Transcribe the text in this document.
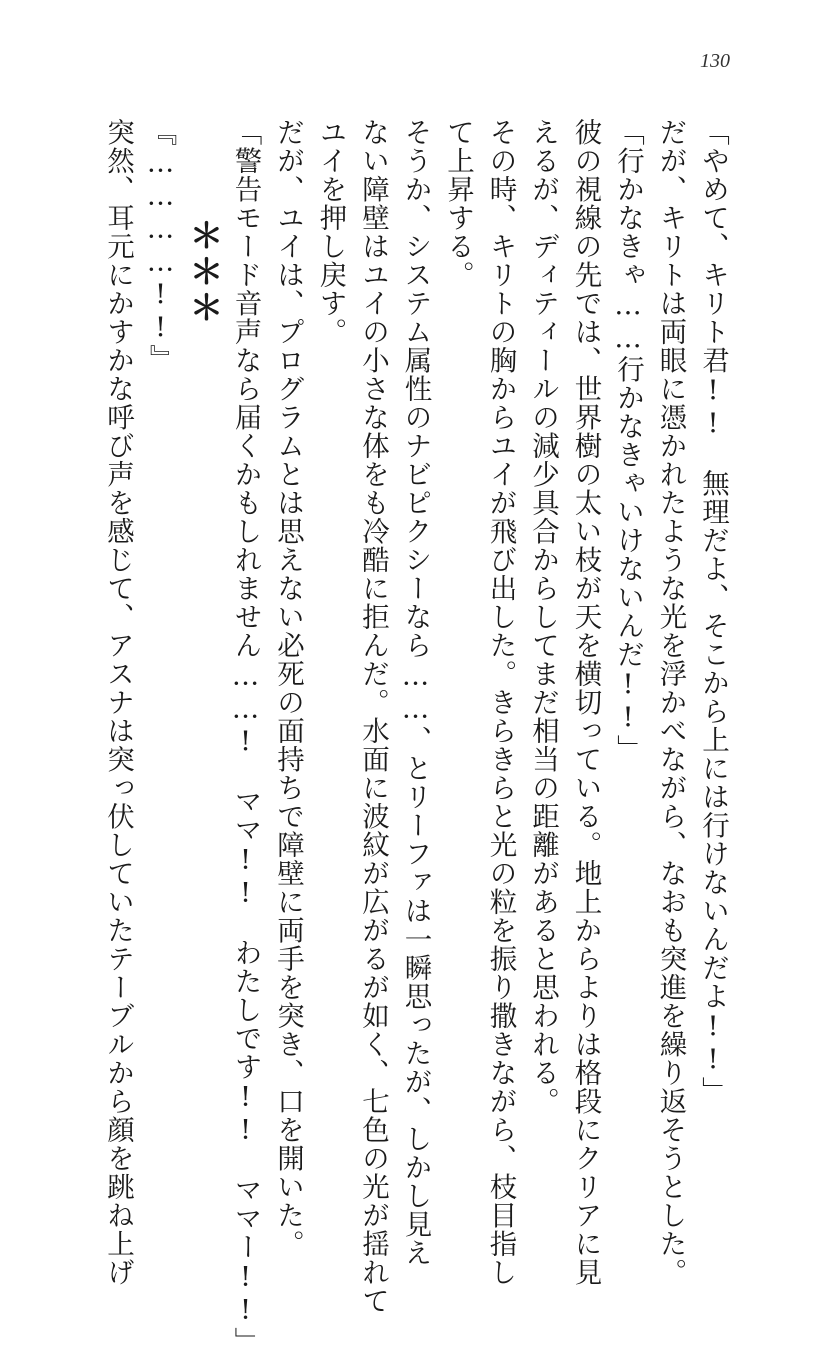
130
「やめて、キリト君!!　無理だよ、そこから上には行けないんだよ!!」
だが、キリトは両眼に憑かれたような光を浮かべながら、なおも突進を繰り返そうとした。
「行かなきゃ……行かなきゃいけないんだ!!」
彼の視線の先では、世界樹の太い枝が天を横切っている。地上からよりは格段にクリアに見
えるが、ディティールの減少具合からしてまだ相当の距離があると思われる。
その時、キリトの胸からユイが飛び出した。きらきらと光の粒を振り撒きながら、枝目指し
て上昇する。
そうか、システム属性のナビピクシーなら……、とリーファは一瞬思ったが、しかし見え
ない障壁はユイの小さな体をも冷酷に拒んだ。水面に波紋が広がるが如く、七色の光が揺れて
ユイを押し戻す。
だが、ユイは、プログラムとは思えない必死の面持ちで障壁に両手を突き、口を開いた。
「警告モード音声なら届くかもしれません……!　ママ!!　わたしです!!　ママー!!」
＊＊＊
『…………!!』
突然、耳元にかすかな呼び声を感じて、アスナは突っ伏していたテーブルから顔を跳ね上げ
